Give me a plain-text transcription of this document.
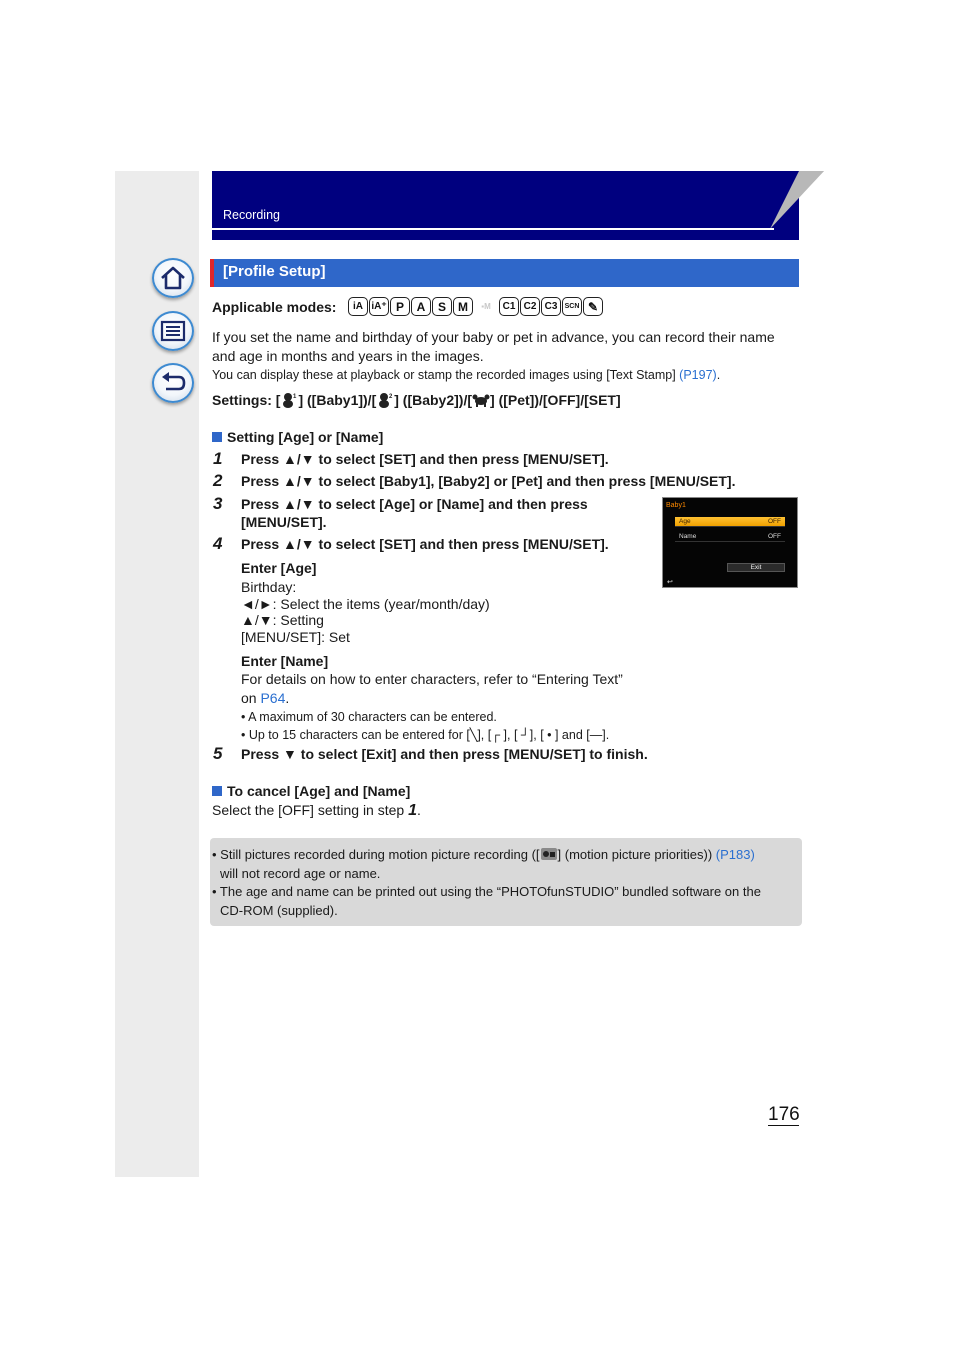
Recording
[Profile Setup]
Applicable modes:	iA iA⁺ P	A	S	M	▪M	C1 C2 C3	SCN ✎
If you set the name and birthday of your baby or pet in advance, you can record their name
and age in months and years in the images.
You can display these at playback or stamp the recorded images using [Text Stamp] (P197).
Settings: [ 1 ] ([Baby1])/[ 2 ] ([Baby2])/[ ] ([Pet])/[OFF]/[SET]
Setting [Age] or [Name]
1 Press ▲/▼ to select [SET] and then press [MENU/SET].
2 Press ▲/▼ to select [Baby1], [Baby2] or [Pet] and then press [MENU/SET].
3 Press ▲/▼ to select [Age] or [Name] and then press
[MENU/SET].
4 Press ▲/▼ to select [SET] and then press [MENU/SET].
Baby1
Age	OFF
Name	OFF
Exit
↩
Enter [Age]
Birthday:
◄/►: Select the items (year/month/day)
▲/▼: Setting
[MENU/SET]: Set
Enter [Name]
For details on how to enter characters, refer to “Entering Text”
on P64.
• A maximum of 30 characters can be entered.
• Up to 15 characters can be entered for [╲], [┌ ], [ ┘], [ • ] and [—].
5 Press ▼ to select [Exit] and then press [MENU/SET] to finish.
To cancel [Age] and [Name]
Select the [OFF] setting in step 1.
• Still pictures recorded during motion picture recording ([ ] (motion picture priorities)) (P183)
will not record age or name.
• The age and name can be printed out using the “PHOTOfunSTUDIO” bundled software on the
CD-ROM (supplied).
176
